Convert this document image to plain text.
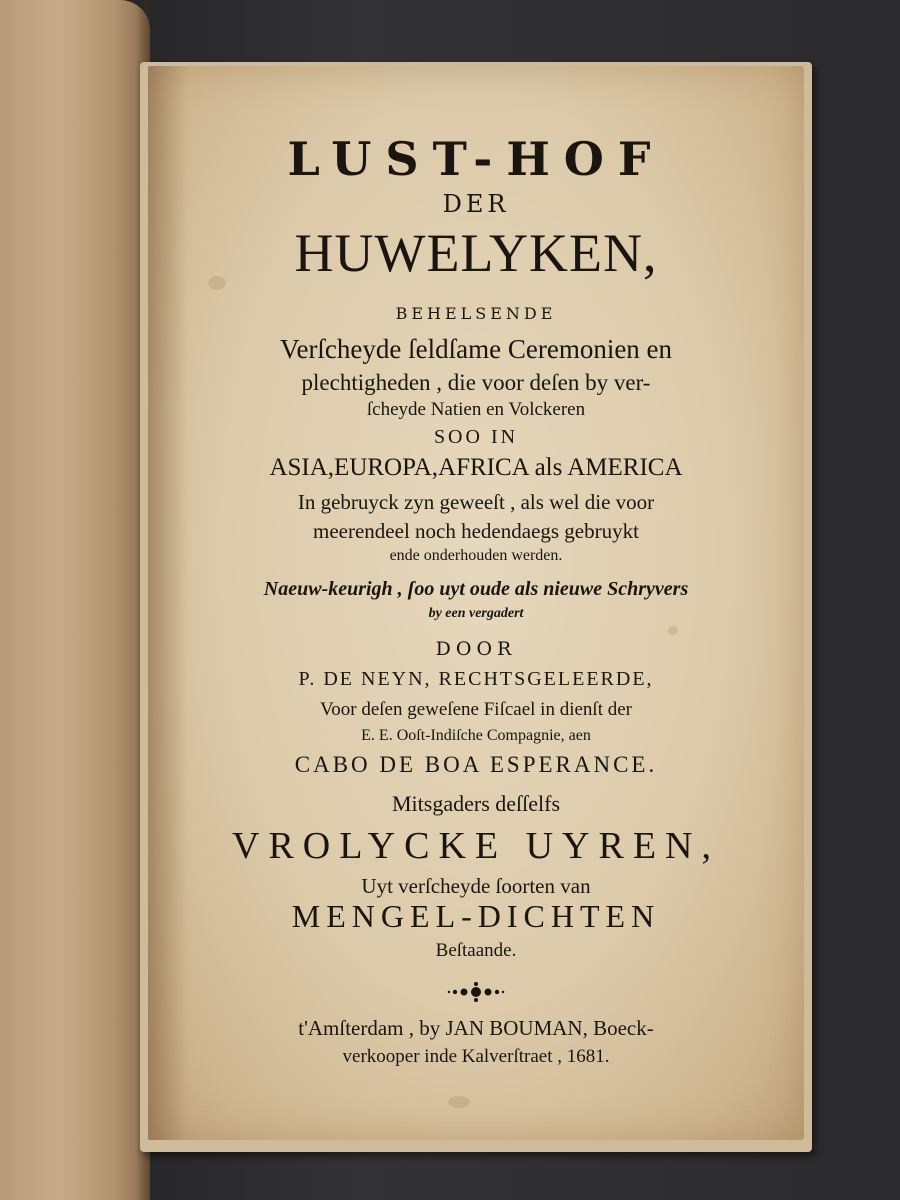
LUST-HOF

DER

HUWELYKEN,

BEHELSENDE

Verſcheyde ſeldſame Ceremonien en

plechtigheden , die voor deſen by ver-

ſcheyde Natien en Volckeren

SOO IN

ASIA,EUROPA,AFRICA als AMERICA

In gebruyck zyn geweeſt , als wel die voor

meerendeel noch hedendaegs gebruykt

ende onderhouden werden.

Naeuw-keurigh , ſoo uyt oude als nieuwe Schryvers

by een vergadert

DOOR

P. DE NEYN, RECHTSGELEERDE,

Voor deſen geweſene Fiſcael in dienſt der

E. E. Ooſt-Indiſche Compagnie, aen

CABO DE BOA ESPERANCE.

Mitsgaders deſſelfs

VROLYCKE UYREN,

Uyt verſcheyde ſoorten van

MENGEL-DICHTEN

Beſtaande.

t'Amſterdam , by JAN BOUMAN, Boeck-

verkooper inde Kalverſtraet , 1681.
